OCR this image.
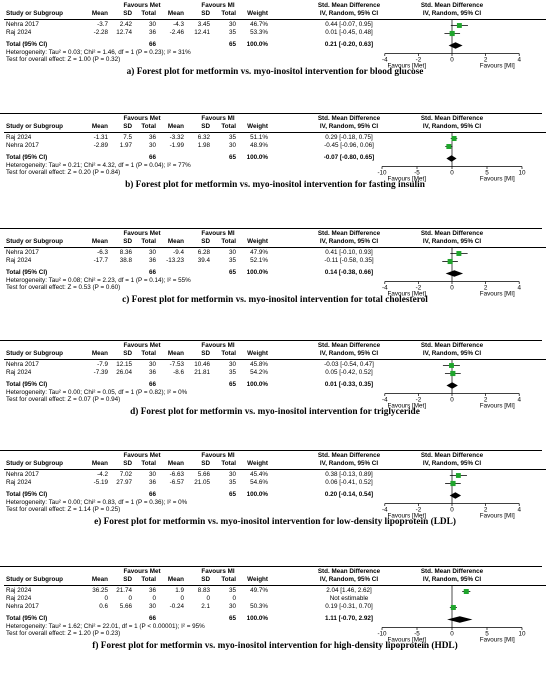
Favours Met	Favours MI	Std. Mean Difference	Std. Mean Difference
Study or Subgroup	Mean	SD	Total	Mean	SD	Total	Weight	IV, Random, 95% CI	IV, Random, 95% CI
Nehra 2017	-3.7	2.42	30	-4.3	3.45	30	46.7%	0.44 [-0.07, 0.95]
Raj 2024	-2.28	12.74	36	-2.46	12.41	35	53.3%	0.01 [-0.45, 0.48]
Total (95% CI)	66	65	100.0%	0.21 [-0.20, 0.63]
Heterogeneity: Tau² = 0.03; Chi² = 1.46, df = 1 (P = 0.23); I² = 31%
Test for overall effect: Z = 1.00 (P = 0.32)	-4	-2	0	2	4
Favours [Met]	Favours [MI]
a) Forest plot for metformin vs. myo-inositol intervention for blood glucose
Favours Met	Favours MI	Std. Mean Difference	Std. Mean Difference
Study or Subgroup	Mean	SD	Total	Mean	SD	Total	Weight	IV, Random, 95% CI	IV, Random, 95% CI
Raj 2024	-1.31	7.5	36	-3.32	6.32	35	51.1%	0.29 [-0.18, 0.75]
Nehra 2017	-2.89	1.97	30	-1.99	1.98	30	48.9%	-0.45 [-0.96, 0.06]
Total (95% CI)	66	65	100.0%	-0.07 [-0.80, 0.65]
Heterogeneity: Tau² = 0.21; Chi² = 4.32, df = 1 (P = 0.04); I² = 77%
Test for overall effect: Z = 0.20 (P = 0.84)	-10	-5	0	5	10
Favours [Met]	Favours [MI]
b) Forest plot for metformin vs. myo-inositol intervention for fasting insulin
Favours Met	Favours MI	Std. Mean Difference	Std. Mean Difference
Study or Subgroup	Mean	SD	Total	Mean	SD	Total	Weight	IV, Random, 95% CI	IV, Random, 95% CI
Nehra 2017	-6.3	8.36	30	-9.4	6.28	30	47.9%	0.41 [-0.10, 0.93]
Raj 2024	-17.7	38.8	36	-13.23	39.4	35	52.1%	-0.11 [-0.58, 0.35]
Total (95% CI)	66	65	100.0%	0.14 [-0.38, 0.66]
Heterogeneity: Tau² = 0.08; Chi² = 2.23, df = 1 (P = 0.14); I² = 55%
Test for overall effect: Z = 0.53 (P = 0.60)	-4	-2	0	2	4
Favours [Met]	Favours [MI]
c) Forest plot for metformin vs. myo-inositol intervention for total cholesterol
Favours Met	Favours MI	Std. Mean Difference	Std. Mean Difference
Study or Subgroup	Mean	SD	Total	Mean	SD	Total	Weight	IV, Random, 95% CI	IV, Random, 95% CI
Nehra 2017	-7.9	12.15	30	-7.53	10.46	30	45.8%	-0.03 [-0.54, 0.47]
Raj 2024	-7.39	26.04	36	-8.6	21.81	35	54.2%	0.05 [-0.42, 0.52]
Total (95% CI)	66	65	100.0%	0.01 [-0.33, 0.35]
Heterogeneity: Tau² = 0.00; Chi² = 0.05, df = 1 (P = 0.82); I² = 0%
Test for overall effect: Z = 0.07 (P = 0.94)	-4	-2	0	2	4
Favours [Met]	Favours [MI]
d) Forest plot for metformin vs. myo-inositol intervention for triglyceride
Favours Met	Favours MI	Std. Mean Difference	Std. Mean Difference
Study or Subgroup	Mean	SD	Total	Mean	SD	Total	Weight	IV, Random, 95% CI	IV, Random, 95% CI
Nehra 2017	-4.2	7.02	30	-6.63	5.66	30	45.4%	0.38 [-0.13, 0.89]
Raj 2024	-5.19	27.97	36	-6.57	21.05	35	54.6%	0.06 [-0.41, 0.52]
Total (95% CI)	66	65	100.0%	0.20 [-0.14, 0.54]
Heterogeneity: Tau² = 0.00; Chi² = 0.83, df = 1 (P = 0.36); I² = 0%
Test for overall effect: Z = 1.14 (P = 0.25)	-4	-2	0	2	4
Favours [Met]	Favours [MI]
e) Forest plot for metformin vs. myo-inositol intervention for low-density lipoprotein (LDL)
Favours Met	Favours MI	Std. Mean Difference	Std. Mean Difference
Study or Subgroup	Mean	SD	Total	Mean	SD	Total	Weight	IV, Random, 95% CI	IV, Random, 95% CI
Raj 2024	36.25	21.74	36	1.9	8.83	35	49.7%	2.04 [1.46, 2.62]
Raj 2024	0	0	0	0	0	0	Not estimable
Nehra 2017	0.6	5.66	30	-0.24	2.1	30	50.3%	0.19 [-0.31, 0.70]
Total (95% CI)	66	65	100.0%	1.11 [-0.70, 2.92]
Heterogeneity: Tau² = 1.62; Chi² = 22.01, df = 1 (P < 0.00001); I² = 95%
Test for overall effect: Z = 1.20 (P = 0.23)	-10	-5	0	5	10
Favours [Met]	Favours [MI]
f) Forest plot for metformin vs. myo-inositol intervention for high-density lipoprotein (HDL)
